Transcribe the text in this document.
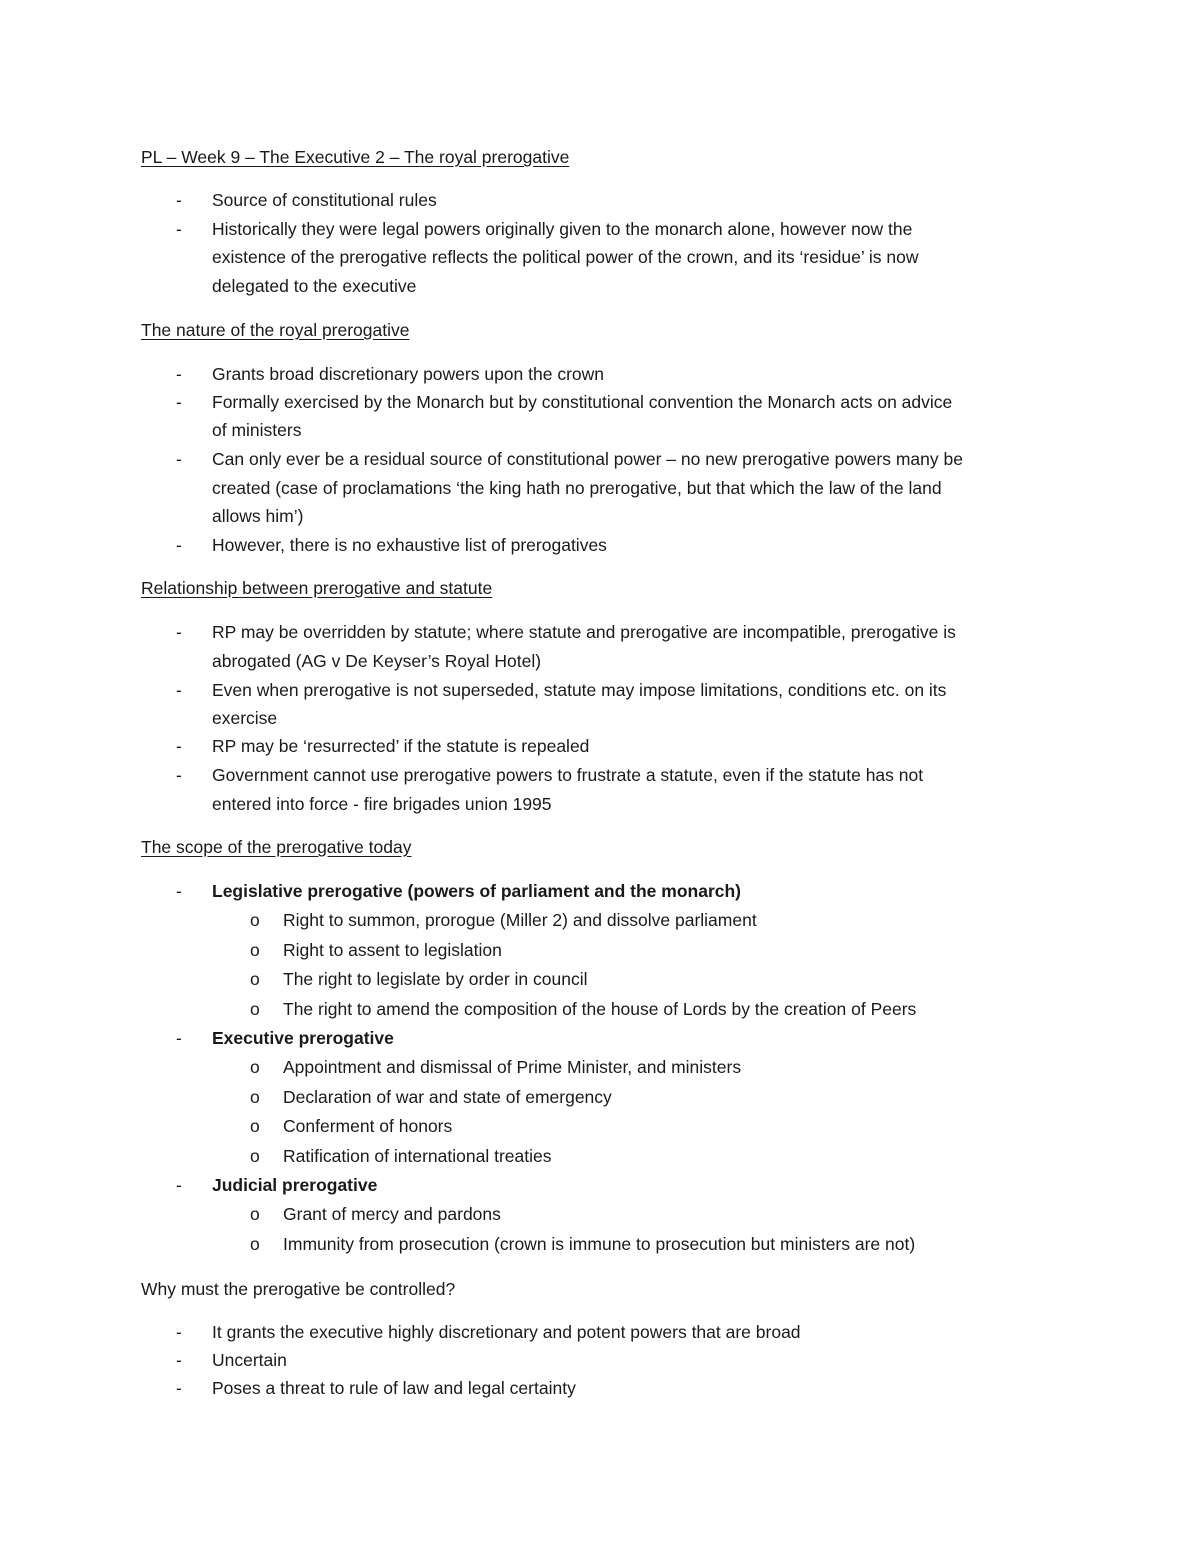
PL – Week 9 – The Executive 2 – The royal prerogative
- Source of constitutional rules
- Historically they were legal powers originally given to the monarch alone, however now the
existence of the prerogative reflects the political power of the crown, and its ‘residue’ is now
delegated to the executive
The nature of the royal prerogative
- Grants broad discretionary powers upon the crown
- Formally exercised by the Monarch but by constitutional convention the Monarch acts on advice
of ministers
- Can only ever be a residual source of constitutional power – no new prerogative powers many be
created (case of proclamations ‘the king hath no prerogative, but that which the law of the land
allows him’)
- However, there is no exhaustive list of prerogatives
Relationship between prerogative and statute
- RP may be overridden by statute; where statute and prerogative are incompatible, prerogative is
abrogated (AG v De Keyser’s Royal Hotel)
- Even when prerogative is not superseded, statute may impose limitations, conditions etc. on its
exercise
- RP may be ‘resurrected’ if the statute is repealed
- Government cannot use prerogative powers to frustrate a statute, even if the statute has not
entered into force - fire brigades union 1995
The scope of the prerogative today
- Legislative prerogative (powers of parliament and the monarch)
o Right to summon, prorogue (Miller 2) and dissolve parliament
o Right to assent to legislation
o The right to legislate by order in council
o The right to amend the composition of the house of Lords by the creation of Peers
- Executive prerogative
o Appointment and dismissal of Prime Minister, and ministers
o Declaration of war and state of emergency
o Conferment of honors
o Ratification of international treaties
- Judicial prerogative
o Grant of mercy and pardons
o Immunity from prosecution (crown is immune to prosecution but ministers are not)
Why must the prerogative be controlled?
- It grants the executive highly discretionary and potent powers that are broad
- Uncertain
- Poses a threat to rule of law and legal certainty
